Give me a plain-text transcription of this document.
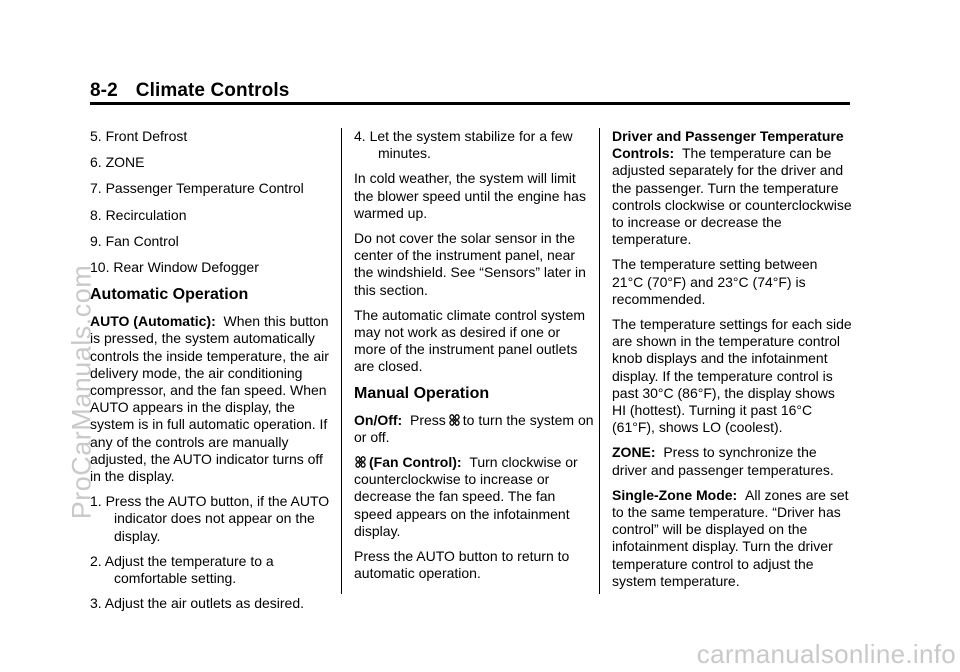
8-2 Climate Controls
ProCarManuals.com
carmanualsonline.info
5. Front Defrost
6. ZONE
7. Passenger Temperature Control
8. Recirculation
9. Fan Control
10. Rear Window Defogger
Automatic Operation

AUTO (Automatic): When this button is pressed, the system automatically controls the inside temperature, the air delivery mode, the air conditioning compressor, and the fan speed. When AUTO appears in the display, the system is in full automatic operation. If any of the controls are manually adjusted, the AUTO indicator turns off in the display.

1. Press the AUTO button, if the AUTO indicator does not appear on the display.
2. Adjust the temperature to a comfortable setting.
3. Adjust the air outlets as desired.
4. Let the system stabilize for a few minutes.

In cold weather, the system will limit the blower speed until the engine has warmed up.

Do not cover the solar sensor in the center of the instrument panel, near the windshield. See “Sensors” later in this section.

The automatic climate control system may not work as desired if one or more of the instrument panel outlets are closed.

Manual Operation

On/Off: Press to turn the system on or off.

(Fan Control): Turn clockwise or counterclockwise to increase or decrease the fan speed. The fan speed appears on the infotainment display.

Press the AUTO button to return to automatic operation.

Driver and Passenger Temperature Controls: The temperature can be adjusted separately for the driver and the passenger. Turn the temperature controls clockwise or counterclockwise to increase or decrease the temperature.

The temperature setting between 21°C (70°F) and 23°C (74°F) is recommended.

The temperature settings for each side are shown in the temperature control knob displays and the infotainment display. If the temperature control is past 30°C (86°F), the display shows HI (hottest). Turning it past 16°C (61°F), shows LO (coolest).

ZONE: Press to synchronize the driver and passenger temperatures.

Single-Zone Mode: All zones are set to the same temperature. “Driver has control” will be displayed on the infotainment display. Turn the driver temperature control to adjust the system temperature.
